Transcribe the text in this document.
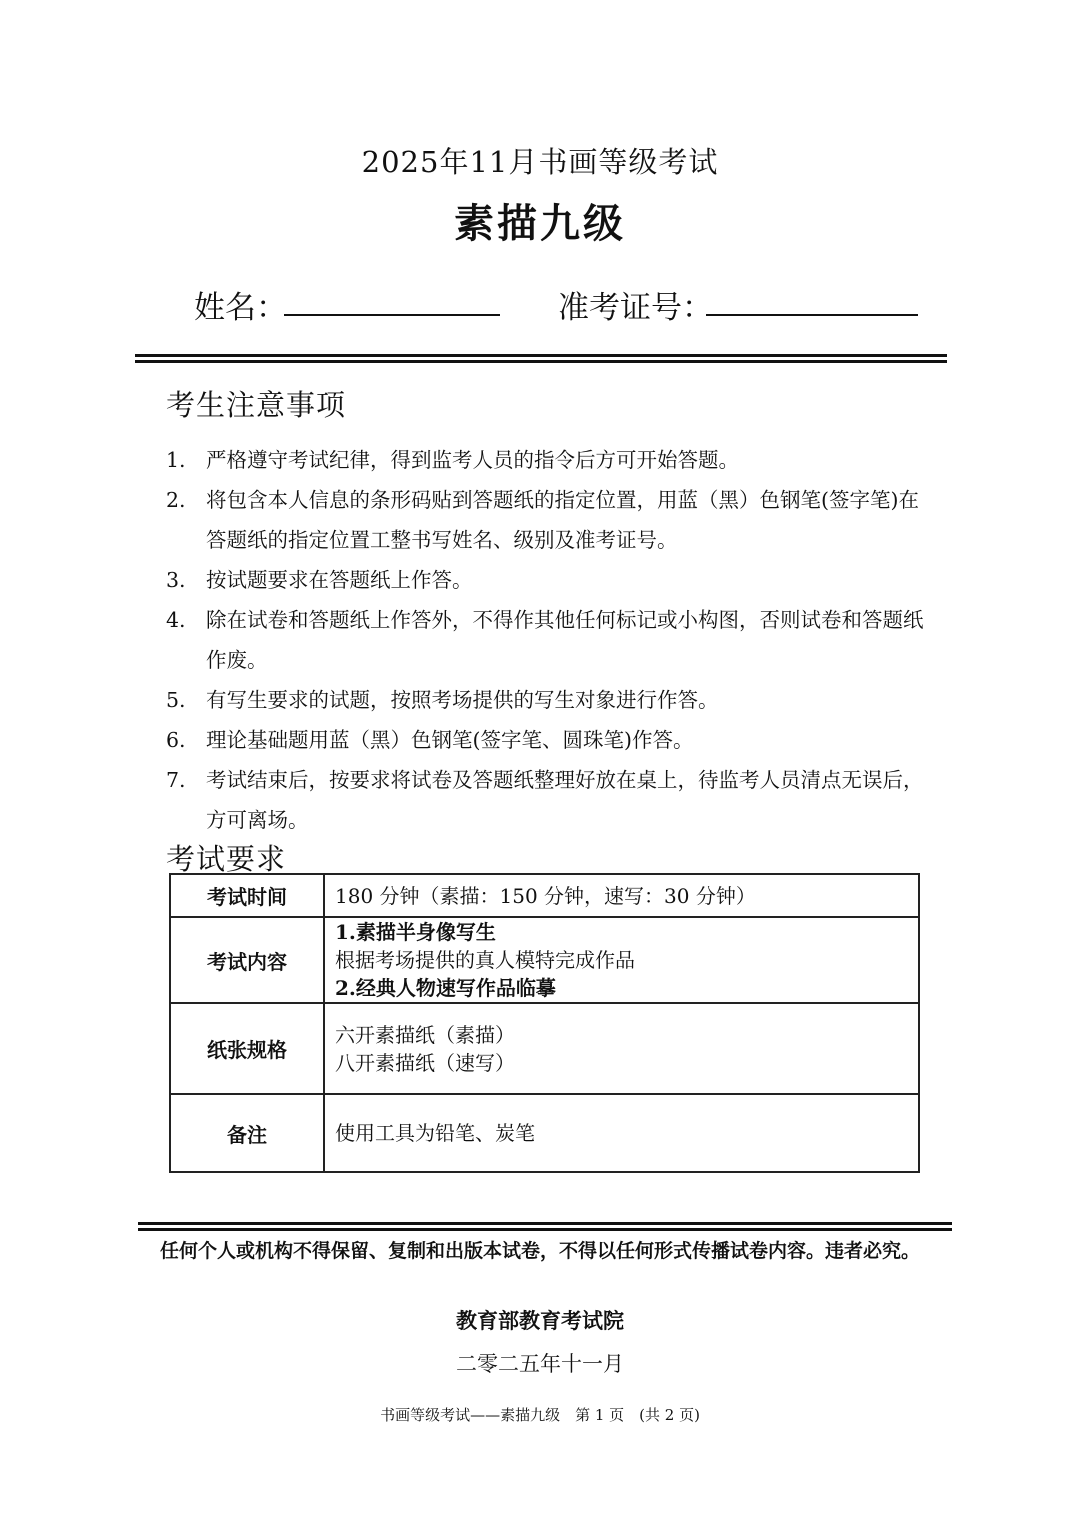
2025年11月书画等级考试
素描九级
姓名：	准考证号：
考生注意事项
1. 严格遵守考试纪律，得到监考人员的指令后方可开始答题。
2. 将包含本人信息的条形码贴到答题纸的指定位置，用蓝（黑）色钢笔(签字笔)在答题纸的指定位置工整书写姓名、级别及准考证号。
3. 按试题要求在答题纸上作答。
4. 除在试卷和答题纸上作答外，不得作其他任何标记或小构图，否则试卷和答题纸作废。
5. 有写生要求的试题，按照考场提供的写生对象进行作答。
6. 理论基础题用蓝（黑）色钢笔(签字笔、圆珠笔)作答。
7. 考试结束后，按要求将试卷及答题纸整理好放在桌上，待监考人员清点无误后，方可离场。
考试要求
考试时间	180 分钟（素描：150 分钟，速写：30 分钟）

考试内容	1.素描半身像写生
根据考场提供的真人模特完成作品
2.经典人物速写作品临摹

纸张规格	六开素描纸（素描）
八开素描纸（速写）

备注	使用工具为铅笔、炭笔
任何个人或机构不得保留、复制和出版本试卷，不得以任何形式传播试卷内容。违者必究。
教育部教育考试院
二零二五年十一月
书画等级考试——素描九级　第 1 页　(共 2 页)
